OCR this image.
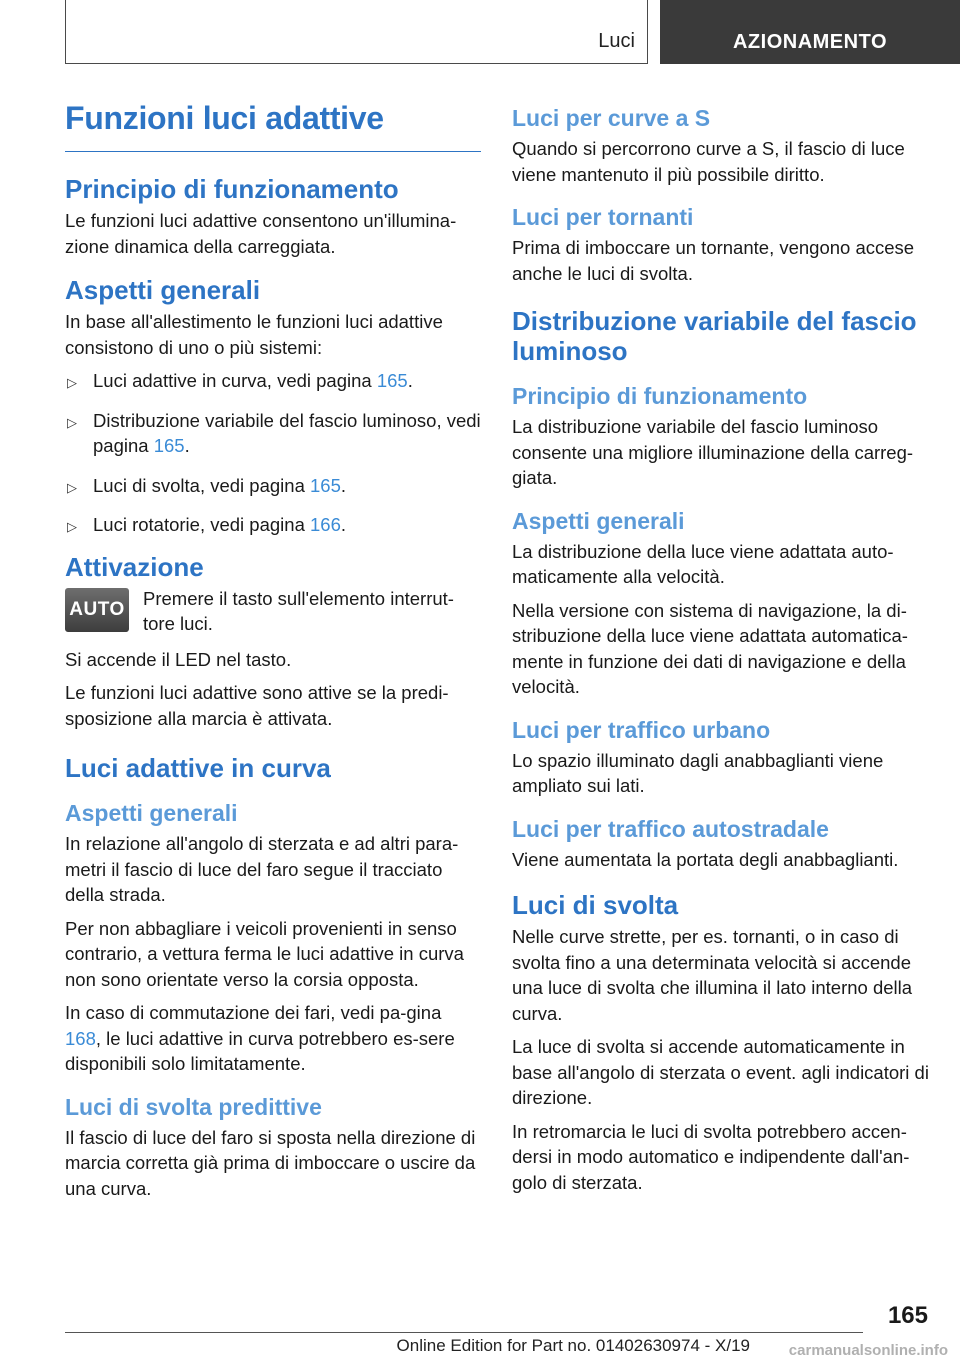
Luci	AZIONAMENTO
Funzioni luci adattive
Principio di funzionamento

Le funzioni luci adattive consentono un'illumina-zione dinamica della carreggiata.

Aspetti generali

In base all'allestimento le funzioni luci adattive consistono di uno o più sistemi:

▷ Luci adattive in curva, vedi pagina 165.
▷ Distribuzione variabile del fascio luminoso, vedi pagina 165.
▷ Luci di svolta, vedi pagina 165.
▷ Luci rotatorie, vedi pagina 166.
Attivazione
AUTO

Premere il tasto sull'elemento interrut-tore luci.

Si accende il LED nel tasto.

Le funzioni luci adattive sono attive se la predi-sposizione alla marcia è attivata.

Luci adattive in curva
Aspetti generali

In relazione all'angolo di sterzata e ad altri para-metri il fascio di luce del faro segue il tracciato della strada.

Per non abbagliare i veicoli provenienti in senso contrario, a vettura ferma le luci adattive in curva non sono orientate verso la corsia opposta.

In caso di commutazione dei fari, vedi pa-gina 168, le luci adattive in curva potrebbero es-sere disponibili solo limitatamente.

Luci di svolta predittive

Il fascio di luce del faro si sposta nella direzione di marcia corretta già prima di imboccare o uscire da una curva.

Luci per curve a S

Quando si percorrono curve a S, il fascio di luce viene mantenuto il più possibile diritto.

Luci per tornanti

Prima di imboccare un tornante, vengono accese anche le luci di svolta.

Distribuzione variabile del fascio luminoso
Principio di funzionamento

La distribuzione variabile del fascio luminoso consente una migliore illuminazione della carreg-giata.

Aspetti generali

La distribuzione della luce viene adattata auto-maticamente alla velocità.

Nella versione con sistema di navigazione, la di-stribuzione della luce viene adattata automatica-mente in funzione dei dati di navigazione e della velocità.

Luci per traffico urbano

Lo spazio illuminato dagli anabbaglianti viene ampliato sui lati.

Luci per traffico autostradale

Viene aumentata la portata degli anabbaglianti.

Luci di svolta

Nelle curve strette, per es. tornanti, o in caso di svolta fino a una determinata velocità si accende una luce di svolta che illumina il lato interno della curva.

La luce di svolta si accende automaticamente in base all'angolo di sterzata o event. agli indicatori di direzione.

In retromarcia le luci di svolta potrebbero accen-dersi in modo automatico e indipendente dall'an-golo di sterzata.

165
Online Edition for Part no. 01402630974 - X/19	carmanualsonline.info
